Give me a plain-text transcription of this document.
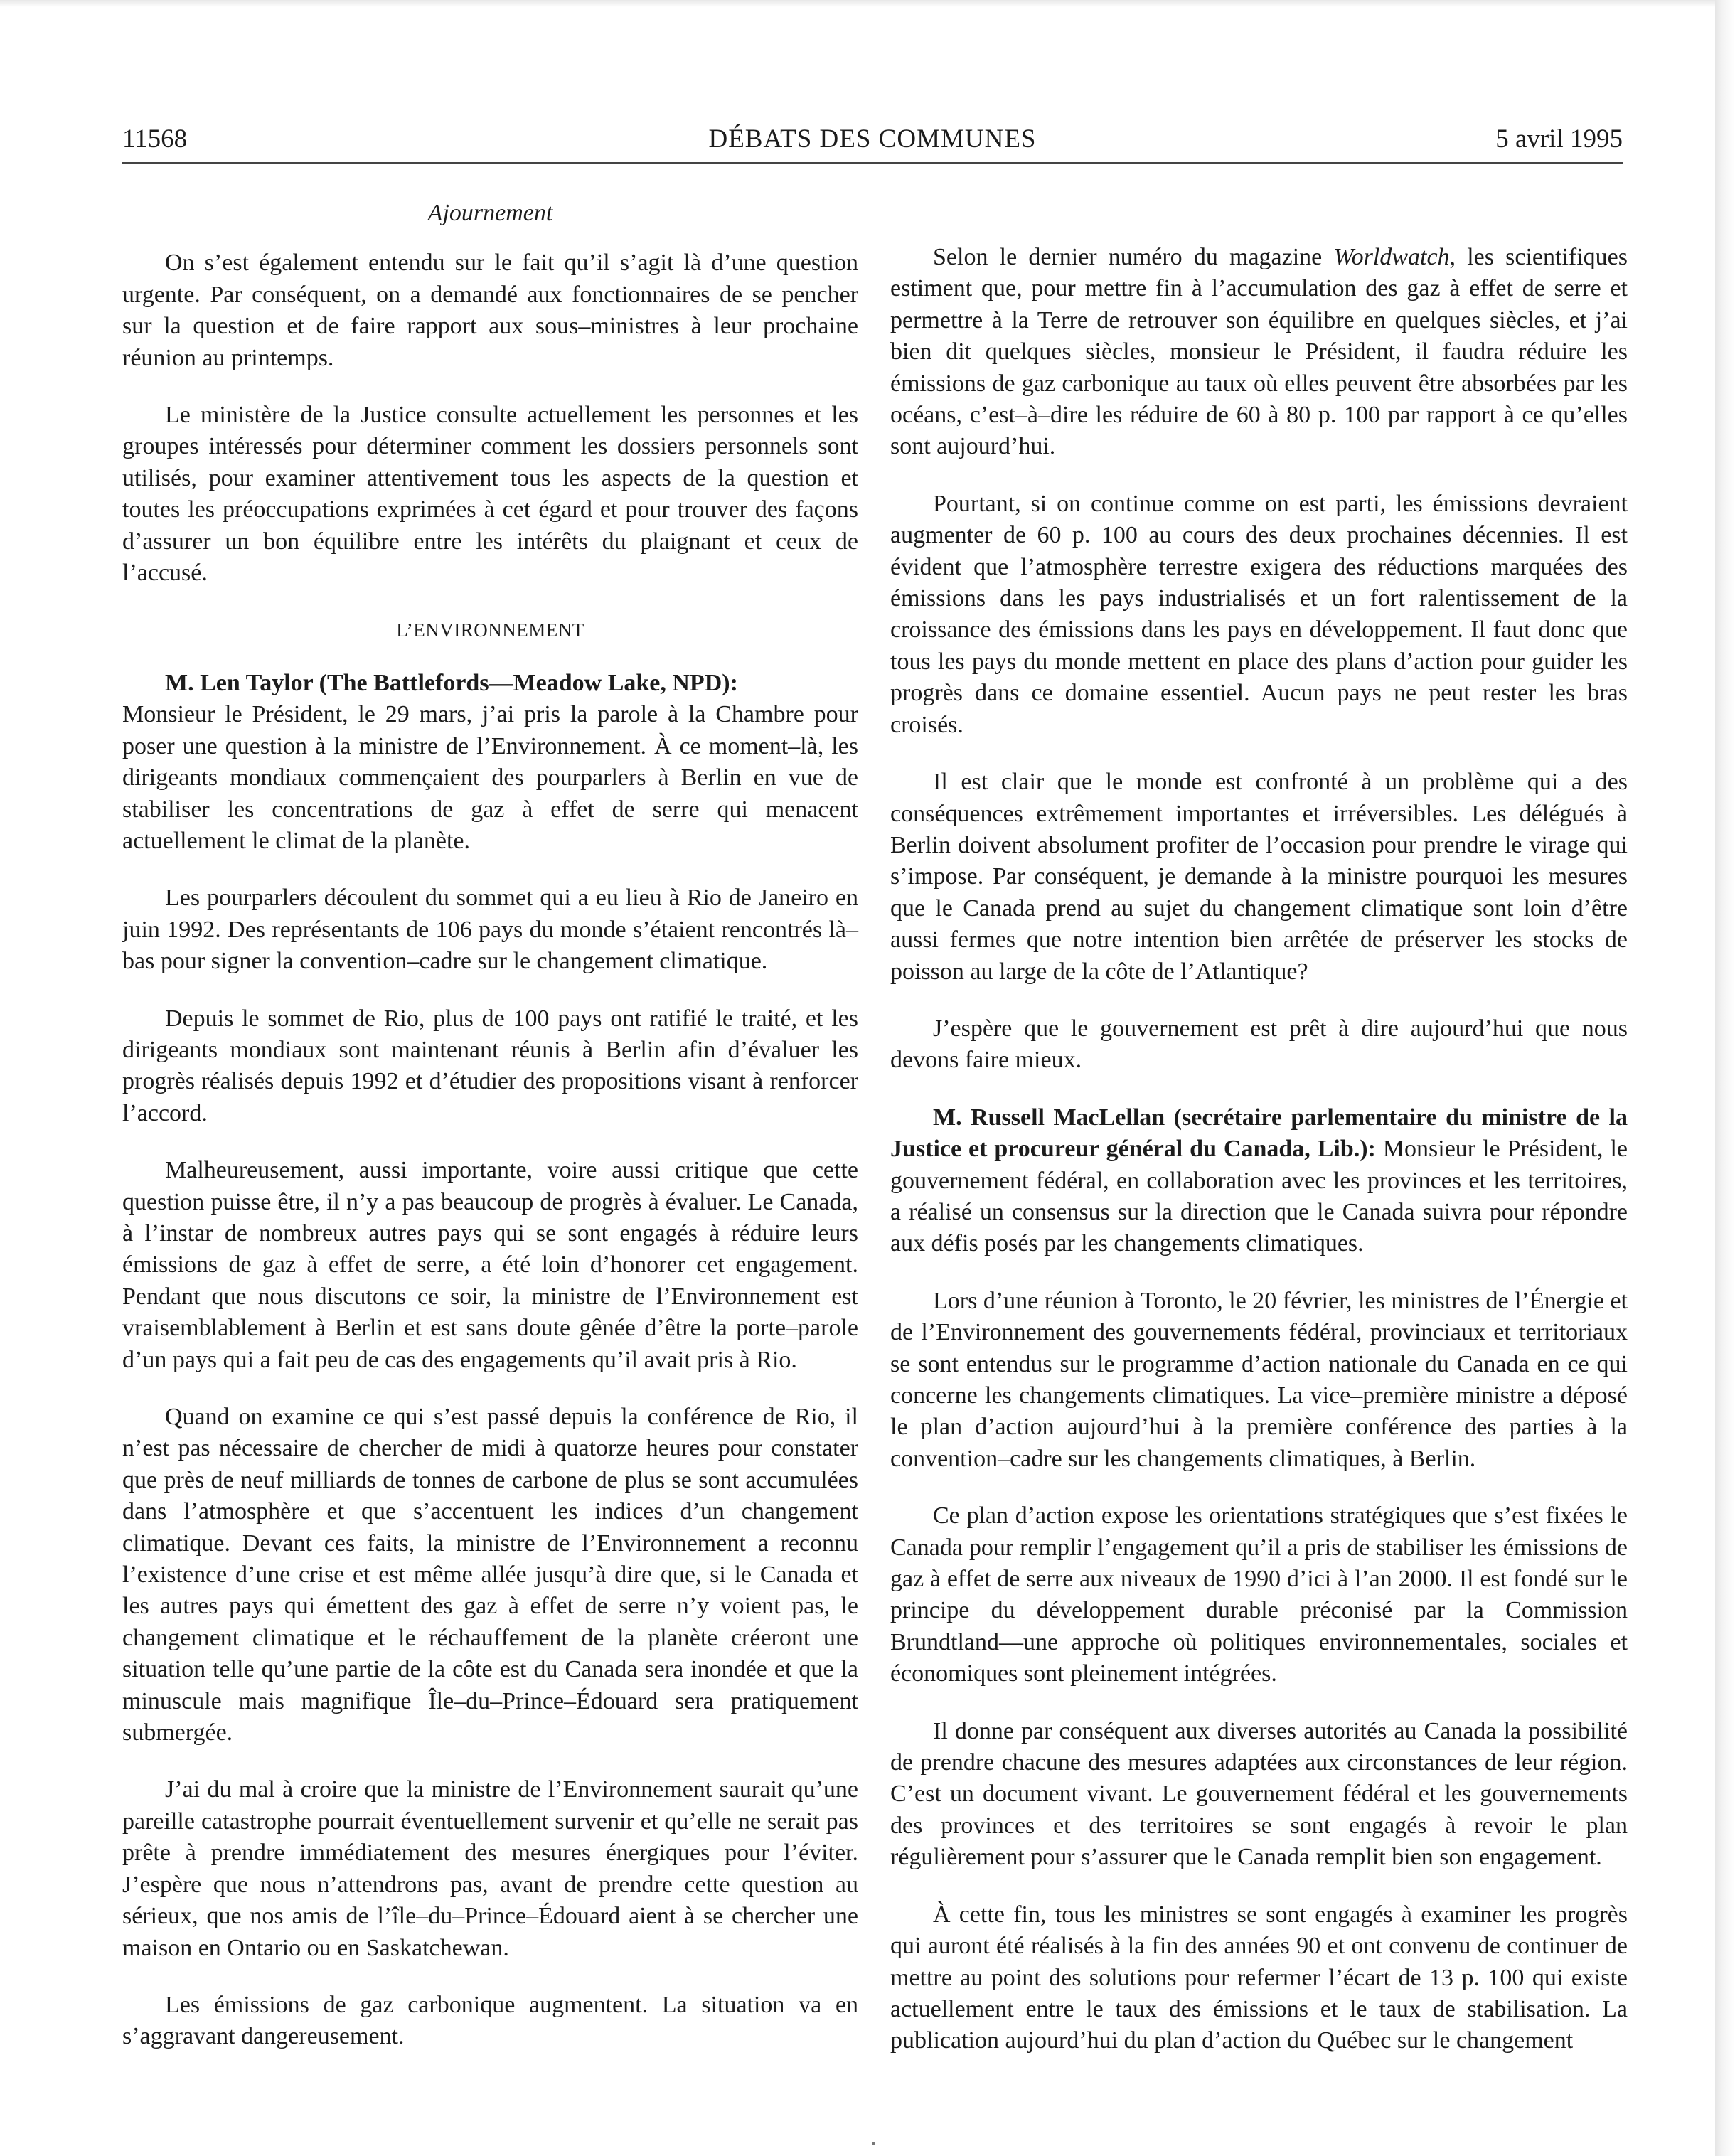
11568	DÉBATS DES COMMUNES	5 avril 1995
Ajournement

On s’est également entendu sur le fait qu’il s’agit là d’une question urgente. Par conséquent, on a demandé aux fonctionnaires de se pencher sur la question et de faire rapport aux sous–ministres à leur prochaine réunion au printemps.

Le ministère de la Justice consulte actuellement les personnes et les groupes intéressés pour déterminer comment les dossiers personnels sont utilisés, pour examiner attentivement tous les aspects de la question et toutes les préoccupations exprimées à cet égard et pour trouver des façons d’assurer un bon équilibre entre les intérêts du plaignant et ceux de l’accusé.

L’ENVIRONNEMENT

M. Len Taylor (The Battlefords—Meadow Lake, NPD):
Monsieur le Président, le 29 mars, j’ai pris la parole à la Chambre pour poser une question à la ministre de l’Environnement. À ce moment–là, les dirigeants mondiaux commençaient des pourparlers à Berlin en vue de stabiliser les concentrations de gaz à effet de serre qui menacent actuellement le climat de la planète.

Les pourparlers découlent du sommet qui a eu lieu à Rio de Janeiro en juin 1992. Des représentants de 106 pays du monde s’étaient rencontrés là–bas pour signer la convention–cadre sur le changement climatique.

Depuis le sommet de Rio, plus de 100 pays ont ratifié le traité, et les dirigeants mondiaux sont maintenant réunis à Berlin afin d’évaluer les progrès réalisés depuis 1992 et d’étudier des propositions visant à renforcer l’accord.

Malheureusement, aussi importante, voire aussi critique que cette question puisse être, il n’y a pas beaucoup de progrès à évaluer. Le Canada, à l’instar de nombreux autres pays qui se sont engagés à réduire leurs émissions de gaz à effet de serre, a été loin d’honorer cet engagement. Pendant que nous discutons ce soir, la ministre de l’Environnement est vraisemblablement à Berlin et est sans doute gênée d’être la porte–parole d’un pays qui a fait peu de cas des engagements qu’il avait pris à Rio.

Quand on examine ce qui s’est passé depuis la conférence de Rio, il n’est pas nécessaire de chercher de midi à quatorze heures pour constater que près de neuf milliards de tonnes de carbone de plus se sont accumulées dans l’atmosphère et que s’accentuent les indices d’un changement climatique. Devant ces faits, la ministre de l’Environnement a reconnu l’existence d’une crise et est même allée jusqu’à dire que, si le Canada et les autres pays qui émettent des gaz à effet de serre n’y voient pas, le changement climatique et le réchauffement de la planète créeront une situation telle qu’une partie de la côte est du Canada sera inondée et que la minuscule mais magnifique Île–du–Prince–Édouard sera pratiquement submergée.

J’ai du mal à croire que la ministre de l’Environnement saurait qu’une pareille catastrophe pourrait éventuellement survenir et qu’elle ne serait pas prête à prendre immédiatement des mesures énergiques pour l’éviter. J’espère que nous n’attendrons pas, avant de prendre cette question au sérieux, que nos amis de l’île–du–Prince–Édouard aient à se chercher une maison en Ontario ou en Saskatchewan.

Les émissions de gaz carbonique augmentent. La situation va en s’aggravant dangereusement.

Selon le dernier numéro du magazine Worldwatch, les scientifiques estiment que, pour mettre fin à l’accumulation des gaz à effet de serre et permettre à la Terre de retrouver son équilibre en quelques siècles, et j’ai bien dit quelques siècles, monsieur le Président, il faudra réduire les émissions de gaz carbonique au taux où elles peuvent être absorbées par les océans, c’est–à–dire les réduire de 60 à 80 p. 100 par rapport à ce qu’elles sont aujourd’hui.

Pourtant, si on continue comme on est parti, les émissions devraient augmenter de 60 p. 100 au cours des deux prochaines décennies. Il est évident que l’atmosphère terrestre exigera des réductions marquées des émissions dans les pays industrialisés et un fort ralentissement de la croissance des émissions dans les pays en développement. Il faut donc que tous les pays du monde mettent en place des plans d’action pour guider les progrès dans ce domaine essentiel. Aucun pays ne peut rester les bras croisés.

Il est clair que le monde est confronté à un problème qui a des conséquences extrêmement importantes et irréversibles. Les délégués à Berlin doivent absolument profiter de l’occasion pour prendre le virage qui s’impose. Par conséquent, je demande à la ministre pourquoi les mesures que le Canada prend au sujet du changement climatique sont loin d’être aussi fermes que notre intention bien arrêtée de préserver les stocks de poisson au large de la côte de l’Atlantique?

J’espère que le gouvernement est prêt à dire aujourd’hui que nous devons faire mieux.

M. Russell MacLellan (secrétaire parlementaire du ministre de la Justice et procureur général du Canada, Lib.): Monsieur le Président, le gouvernement fédéral, en collaboration avec les provinces et les territoires, a réalisé un consensus sur la direction que le Canada suivra pour répondre aux défis posés par les changements climatiques.

Lors d’une réunion à Toronto, le 20 février, les ministres de l’Énergie et de l’Environnement des gouvernements fédéral, provinciaux et territoriaux se sont entendus sur le programme d’action nationale du Canada en ce qui concerne les changements climatiques. La vice–première ministre a déposé le plan d’action aujourd’hui à la première conférence des parties à la convention–cadre sur les changements climatiques, à Berlin.

Ce plan d’action expose les orientations stratégiques que s’est fixées le Canada pour remplir l’engagement qu’il a pris de stabiliser les émissions de gaz à effet de serre aux niveaux de 1990 d’ici à l’an 2000. Il est fondé sur le principe du développement durable préconisé par la Commission Brundtland—une approche où politiques environnementales, sociales et économiques sont pleinement intégrées.

Il donne par conséquent aux diverses autorités au Canada la possibilité de prendre chacune des mesures adaptées aux circonstances de leur région. C’est un document vivant. Le gouvernement fédéral et les gouvernements des provinces et des territoires se sont engagés à revoir le plan régulièrement pour s’assurer que le Canada remplit bien son engagement.

À cette fin, tous les ministres se sont engagés à examiner les progrès qui auront été réalisés à la fin des années 90 et ont convenu de continuer de mettre au point des solutions pour refermer l’écart de 13 p. 100 qui existe actuellement entre le taux des émissions et le taux de stabilisation. La publication aujourd’hui du plan d’action du Québec sur le changement
